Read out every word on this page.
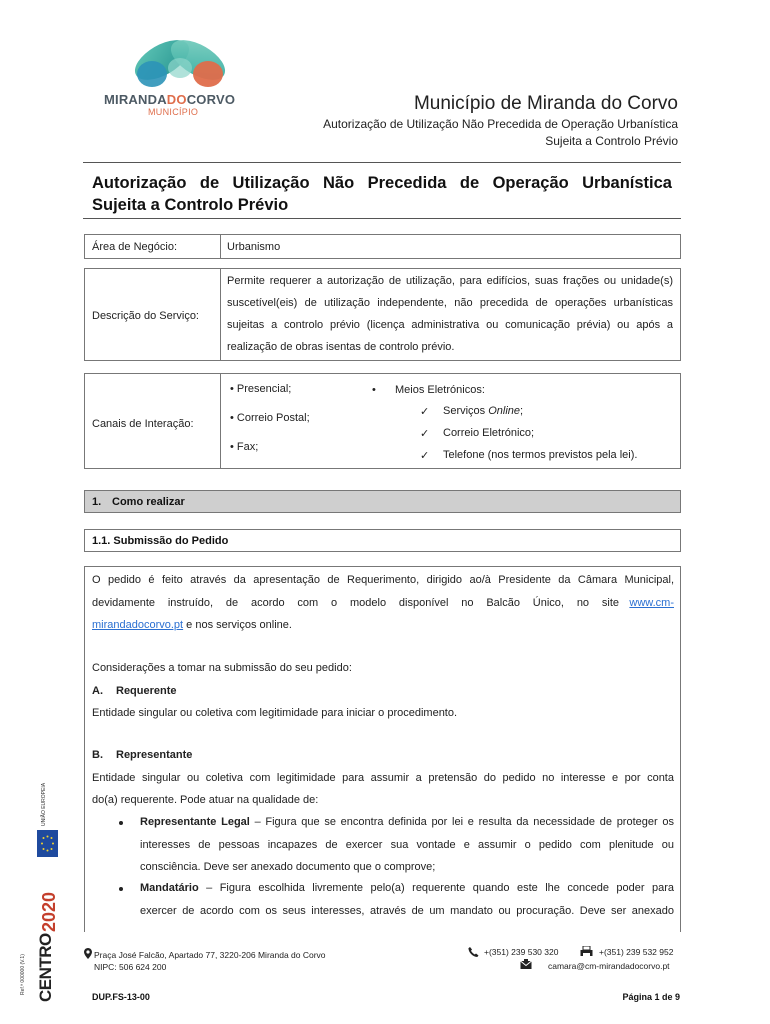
MIRANDADOCORVO
MUNICÍPIO	Município de Miranda do Corvo
Autorização de Utilização Não Precedida de Operação Urbanística
Sujeita a Controlo Prévio
Autorização de Utilização Não Precedida de Operação Urbanística
Sujeita a Controlo Prévio
Área de Negócio:	Urbanismo
Descrição do Serviço:
Permite requerer a autorização de utilização, para edifícios, suas frações ou unidade(s)
suscetível(eis) de utilização independente, não precedida de operações urbanísticas
sujeitas a controlo prévio (licença administrativa ou comunicação prévia) ou após a
realização de obras isentas de controlo prévio.
Canais de Interação:
• Presencial;
• Correio Postal;
• Fax;
• Meios Eletrónicos:
✓ Serviços Online;
✓ Correio Eletrónico;
✓ Telefone (nos termos previstos pela lei).
1. Como realizar
1.1. Submissão do Pedido
O pedido é feito através da apresentação de Requerimento, dirigido ao/à Presidente da Câmara Municipal,
devidamente instruído, de acordo com o modelo disponível no Balcão Único, no site www.cm-
mirandadocorvo.pt e nos serviços online.
Considerações a tomar na submissão do seu pedido:
A. Requerente
Entidade singular ou coletiva com legitimidade para iniciar o procedimento.
B. Representante
Entidade singular ou coletiva com legitimidade para assumir a pretensão do pedido no interesse e por conta
do(a) requerente. Pode atuar na qualidade de:
Representante Legal – Figura que se encontra definida por lei e resulta da necessidade de proteger os
interesses de pessoas incapazes de exercer sua vontade e assumir o pedido com plenitude ou
consciência. Deve ser anexado documento que o comprove;
Mandatário – Figura escolhida livremente pelo(a) requerente quando este lhe concede poder para
exercer de acordo com os seus interesses, através de um mandato ou procuração. Deve ser anexado
Ref.ª 000000 (V.1) CENTRO
2020
UNIÃO EUROPEIA
Praça José Falcão, Apartado 77, 3220-206 Miranda do Corvo
NIPC: 506 624 200
+(351) 239 530 320	+(351) 239 532 952
camara@cm-mirandadocorvo.pt
DUP.FS-13-00	Página 1 de 9
